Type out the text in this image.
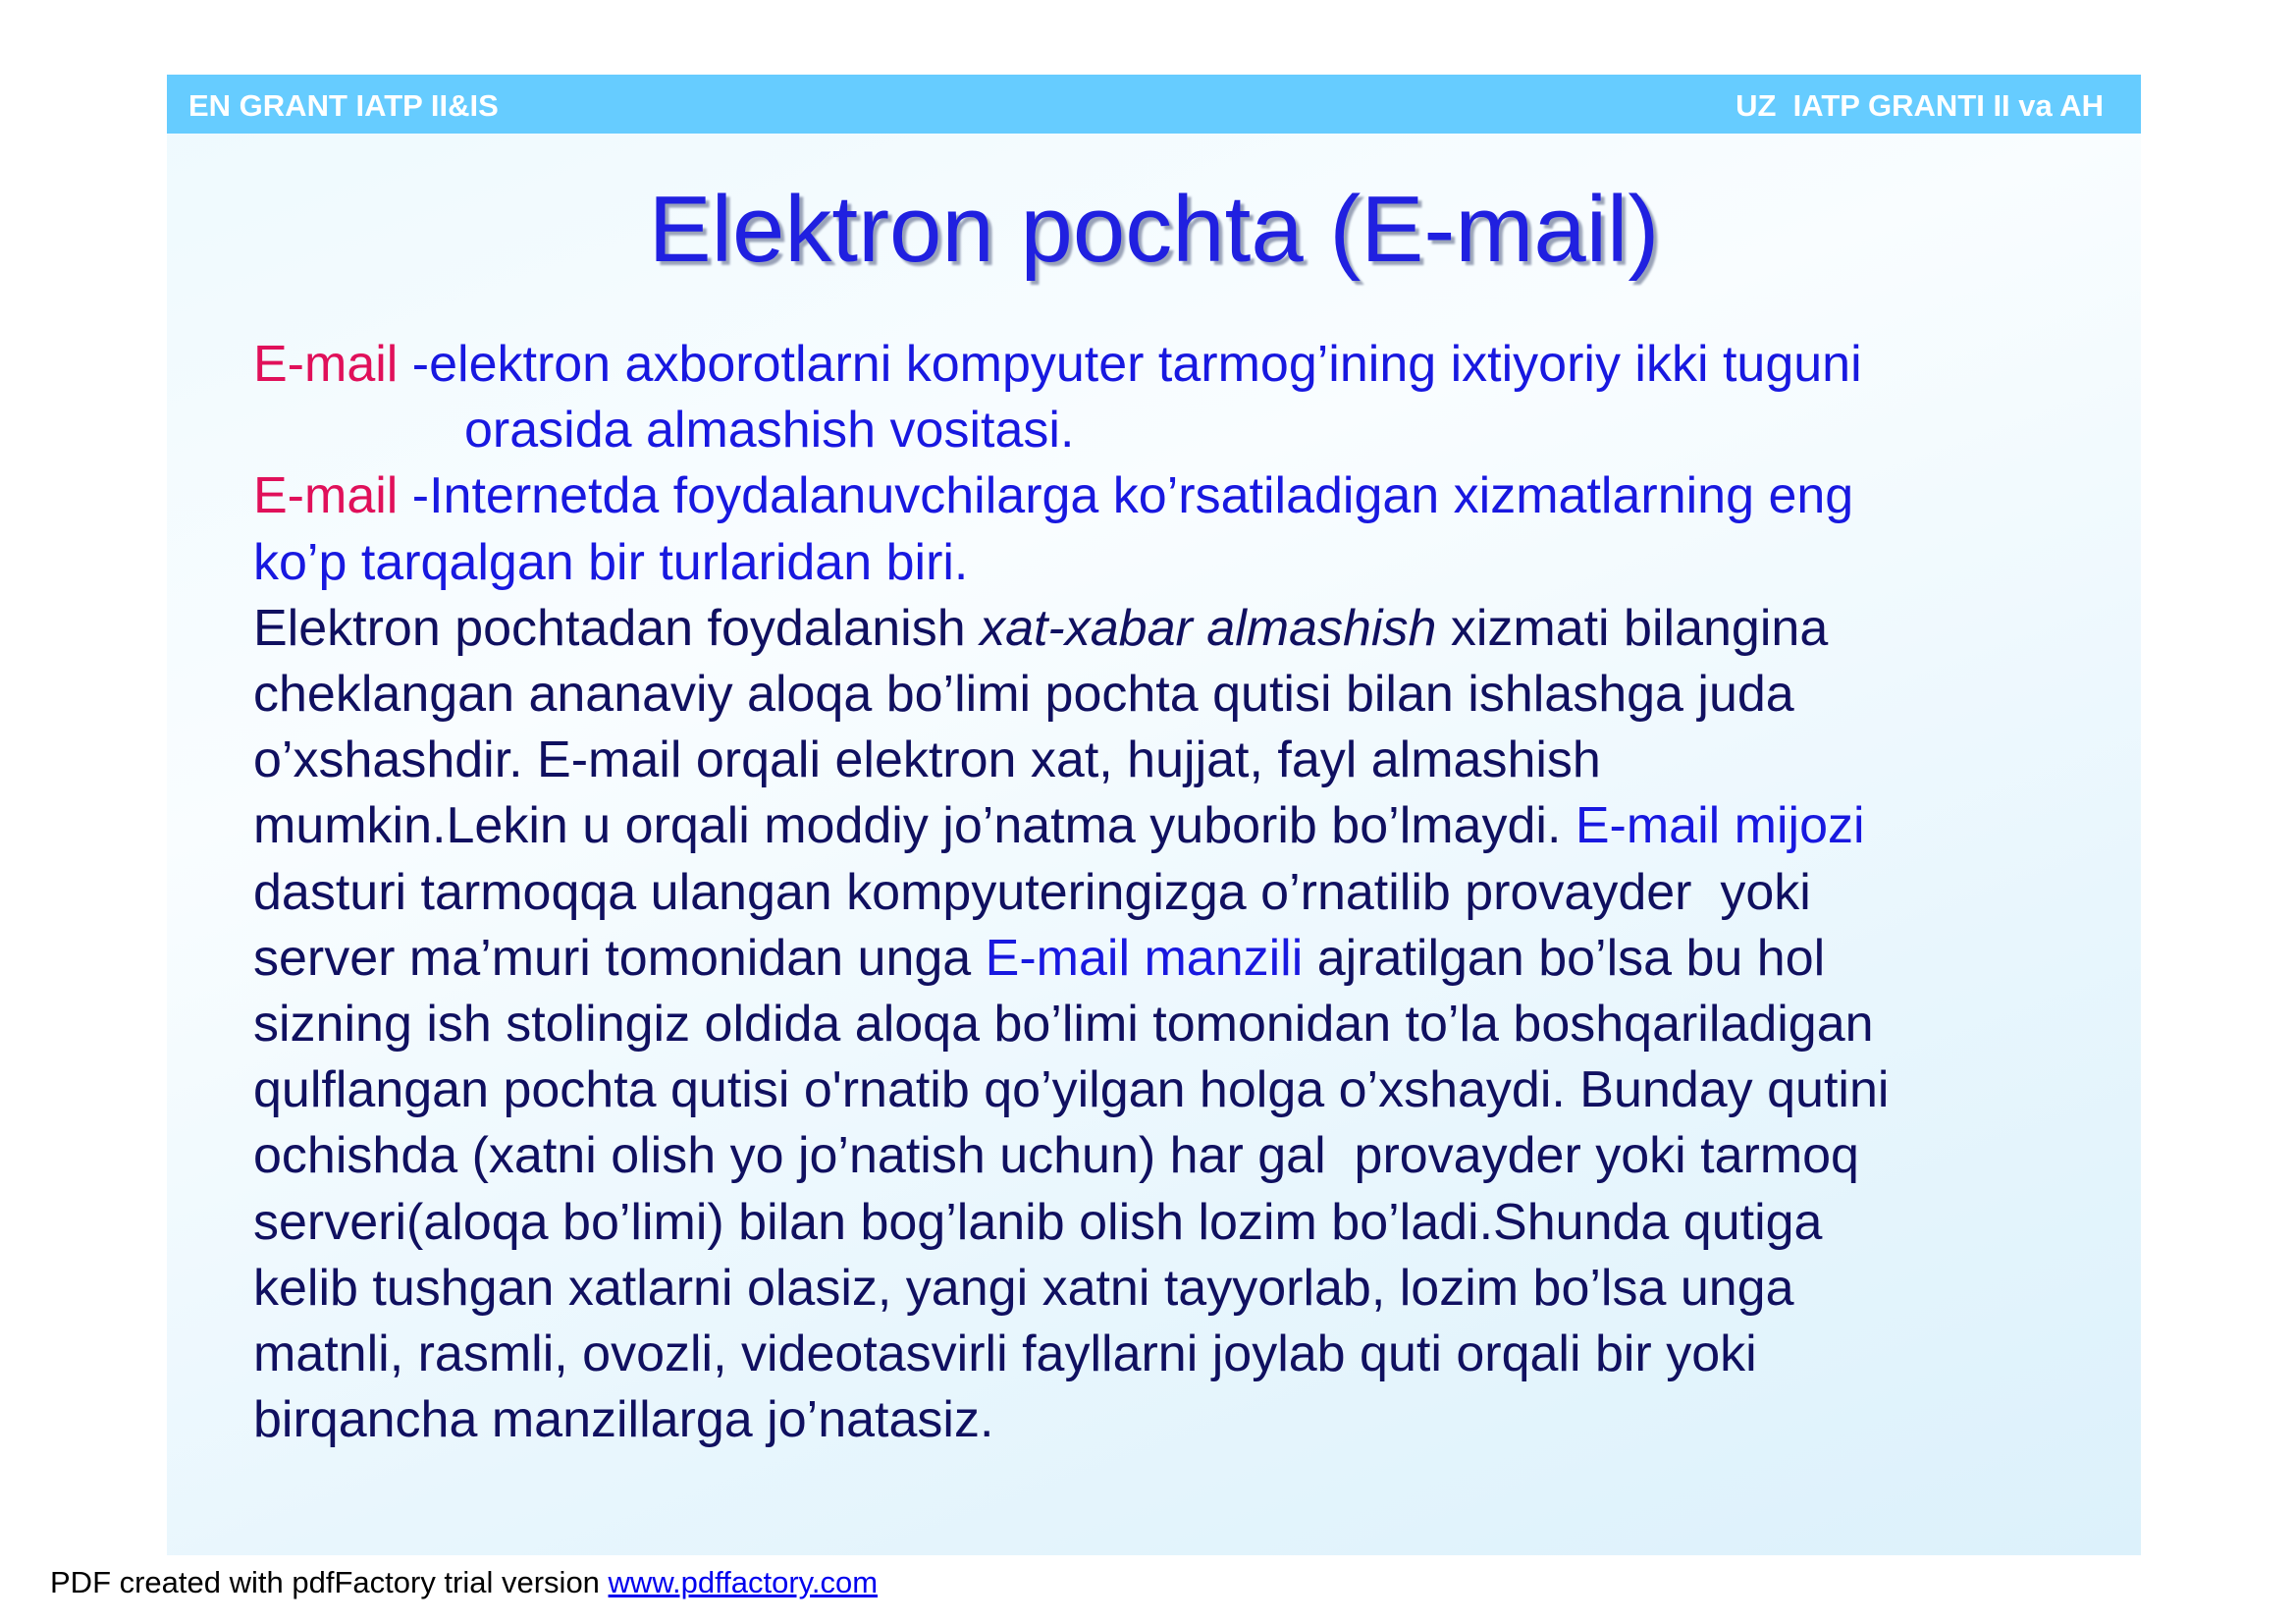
EN GRANT IATP II&IS	UZ  IATP GRANTI II va AH
Elektron pochta (E-mail)
E-mail -elektron axborotlarni kompyuter tarmog’ining ixtiyoriy ikki tuguni
orasida almashish vositasi.
E-mail -Internetda foydalanuvchilarga ko’rsatiladigan xizmatlarning eng
ko’p tarqalgan bir turlaridan biri.
Elektron pochtadan foydalanish xat-xabar almashish xizmati bilangina
cheklangan ananaviy aloqa bo’limi pochta qutisi bilan ishlashga juda
o’xshashdir. E-mail orqali elektron xat, hujjat, fayl almashish
mumkin.Lekin u orqali moddiy jo’natma yuborib bo’lmaydi. E-mail mijozi
dasturi tarmoqqa ulangan kompyuteringizga o’rnatilib provayder  yoki
server ma’muri tomonidan unga E-mail manzili ajratilgan bo’lsa bu hol
sizning ish stolingiz oldida aloqa bo’limi tomonidan to’la boshqariladigan
qulflangan pochta qutisi o'rnatib qo’yilgan holga o’xshaydi. Bunday qutini
ochishda (xatni olish yo jo’natish uchun) har gal  provayder yoki tarmoq
serveri(aloqa bo’limi) bilan bog’lanib olish lozim bo’ladi.Shunda qutiga
kelib tushgan xatlarni olasiz, yangi xatni tayyorlab, lozim bo’lsa unga
matnli, rasmli, ovozli, videotasvirli fayllarni joylab quti orqali bir yoki
birqancha manzillarga jo’natasiz.
PDF created with pdfFactory trial version www.pdffactory.com
